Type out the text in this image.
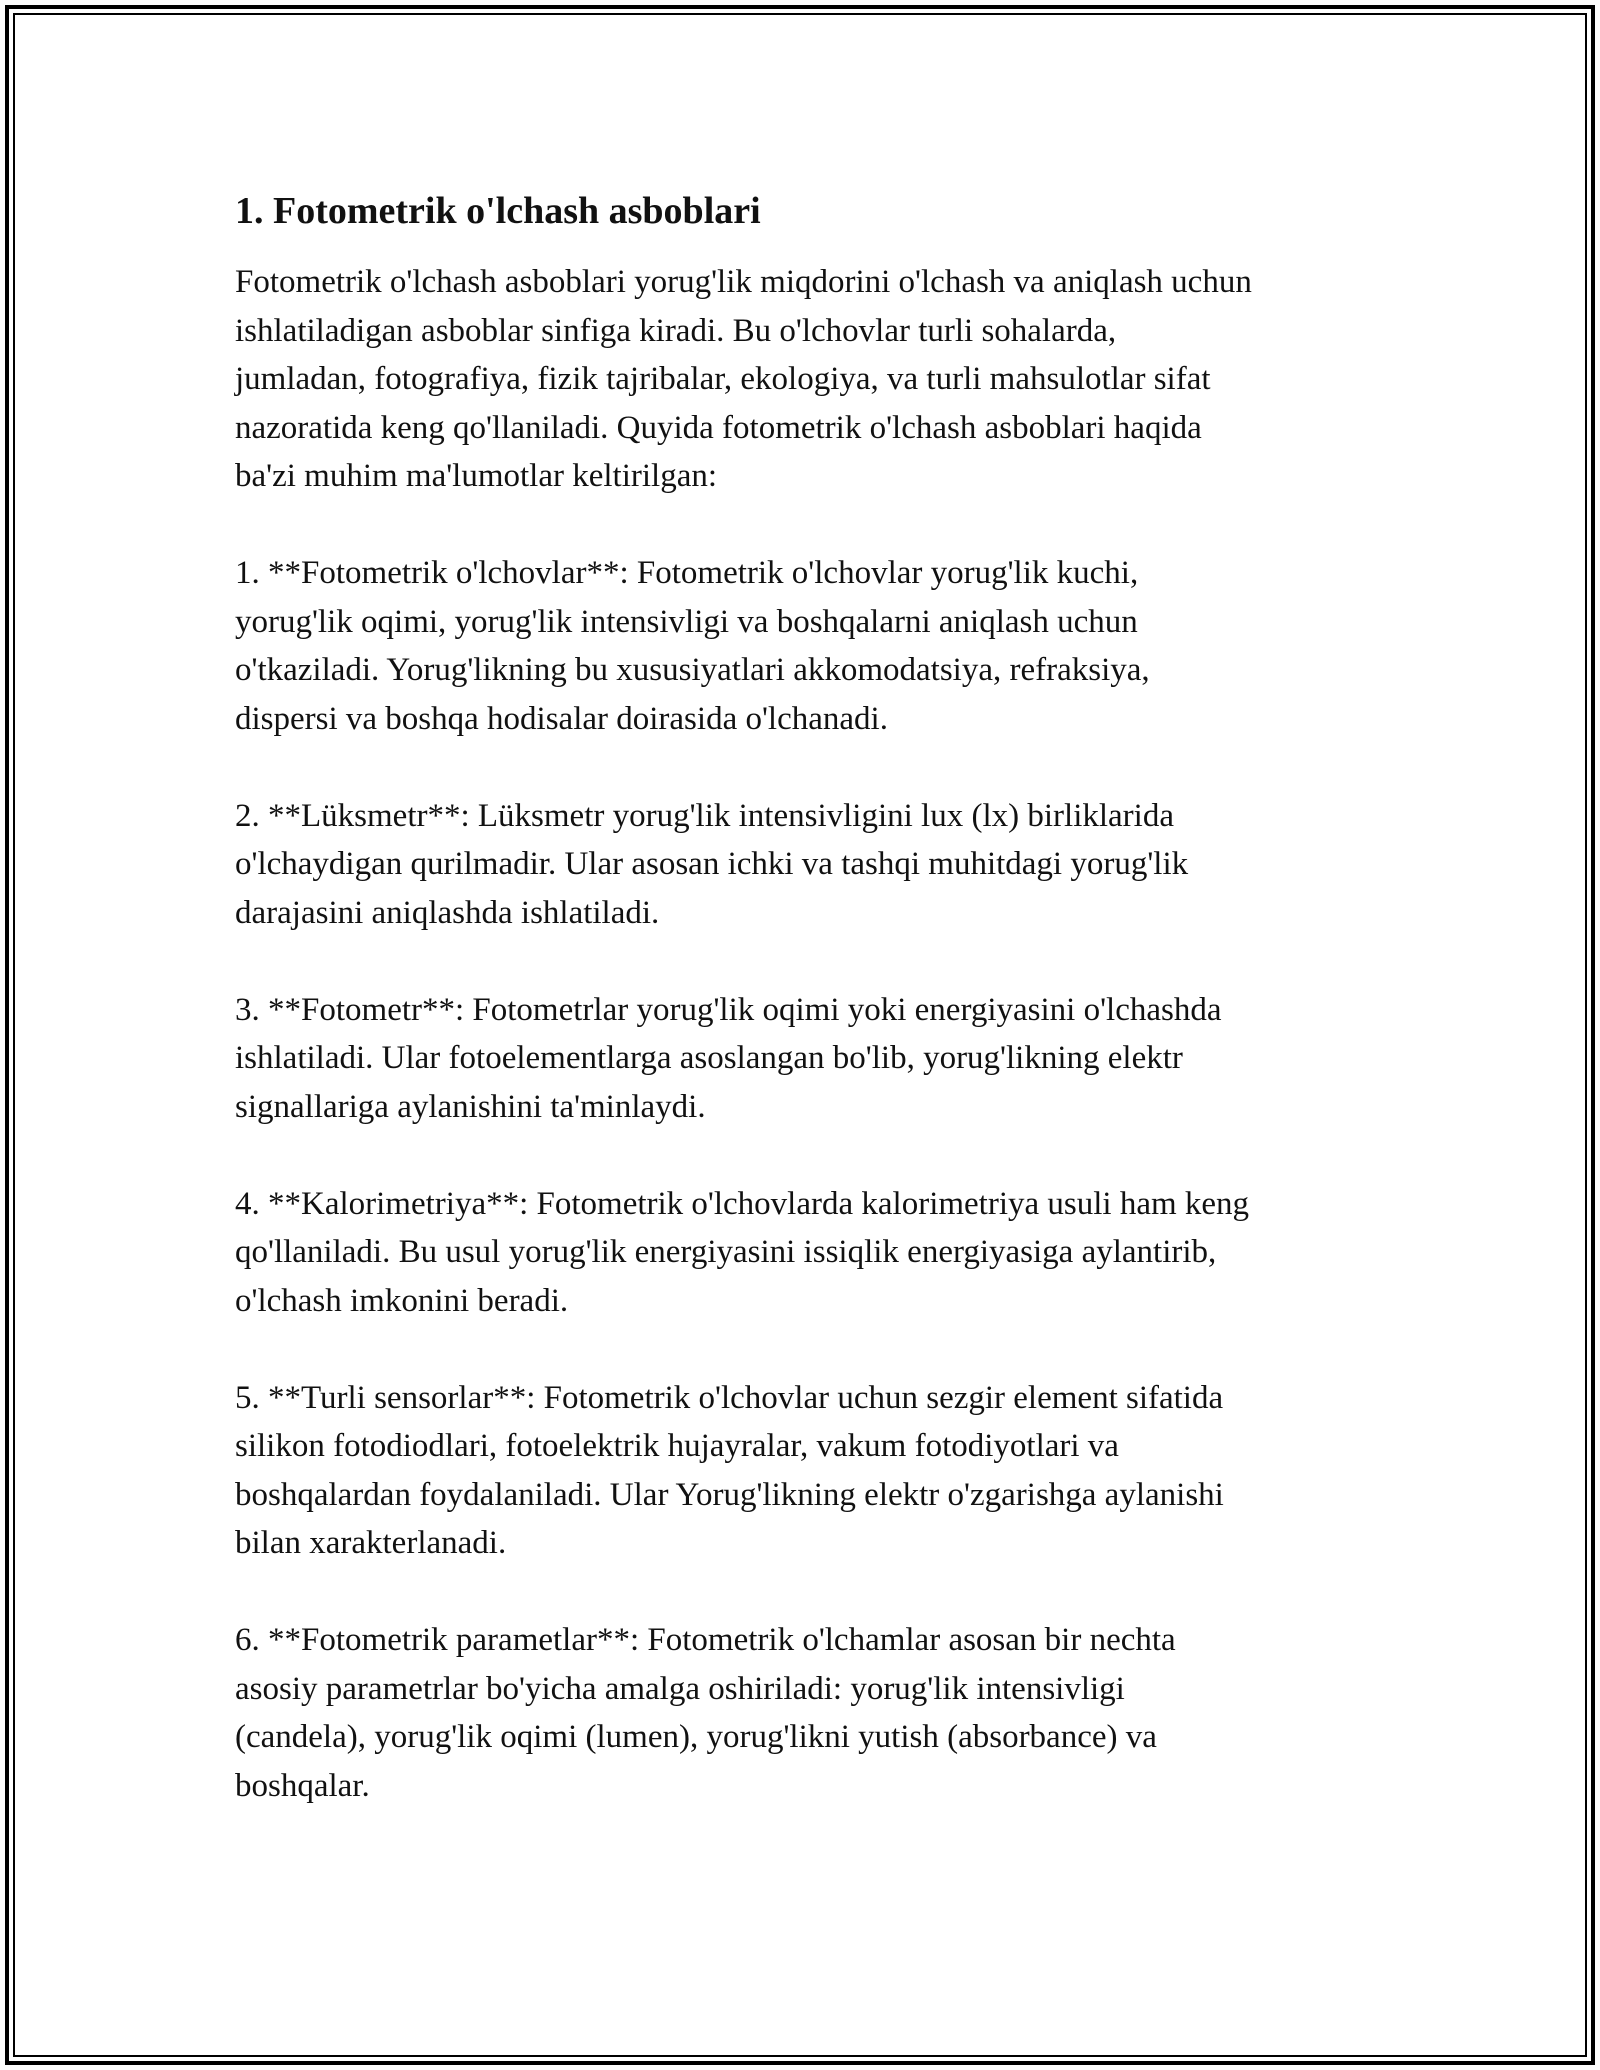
1. Fotometrik o'lchash asboblari
Fotometrik o'lchash asboblari yorug'lik miqdorini o'lchash va aniqlash uchun
ishlatiladigan asboblar sinfiga kiradi. Bu o'lchovlar turli sohalarda,
jumladan, fotografiya, fizik tajribalar, ekologiya, va turli mahsulotlar sifat
nazoratida keng qo'llaniladi. Quyida fotometrik o'lchash asboblari haqida
ba'zi muhim ma'lumotlar keltirilgan:
1. **Fotometrik o'lchovlar**: Fotometrik o'lchovlar yorug'lik kuchi,
yorug'lik oqimi, yorug'lik intensivligi va boshqalarni aniqlash uchun
o'tkaziladi. Yorug'likning bu xususiyatlari akkomodatsiya, refraksiya,
dispersi va boshqa hodisalar doirasida o'lchanadi.
2. **Lüksmetr**: Lüksmetr yorug'lik intensivligini lux (lx) birliklarida
o'lchaydigan qurilmadir. Ular asosan ichki va tashqi muhitdagi yorug'lik
darajasini aniqlashda ishlatiladi.
3. **Fotometr**: Fotometrlar yorug'lik oqimi yoki energiyasini o'lchashda
ishlatiladi. Ular fotoelementlarga asoslangan bo'lib, yorug'likning elektr
signallariga aylanishini ta'minlaydi.
4. **Kalorimetriya**: Fotometrik o'lchovlarda kalorimetriya usuli ham keng
qo'llaniladi. Bu usul yorug'lik energiyasini issiqlik energiyasiga aylantirib,
o'lchash imkonini beradi.
5. **Turli sensorlar**: Fotometrik o'lchovlar uchun sezgir element sifatida
silikon fotodiodlari, fotoelektrik hujayralar, vakum fotodiyotlari va
boshqalardan foydalaniladi. Ular Yorug'likning elektr o'zgarishga aylanishi
bilan xarakterlanadi.
6. **Fotometrik parametlar**: Fotometrik o'lchamlar asosan bir nechta
asosiy parametrlar bo'yicha amalga oshiriladi: yorug'lik intensivligi
(candela), yorug'lik oqimi (lumen), yorug'likni yutish (absorbance) va
boshqalar.
